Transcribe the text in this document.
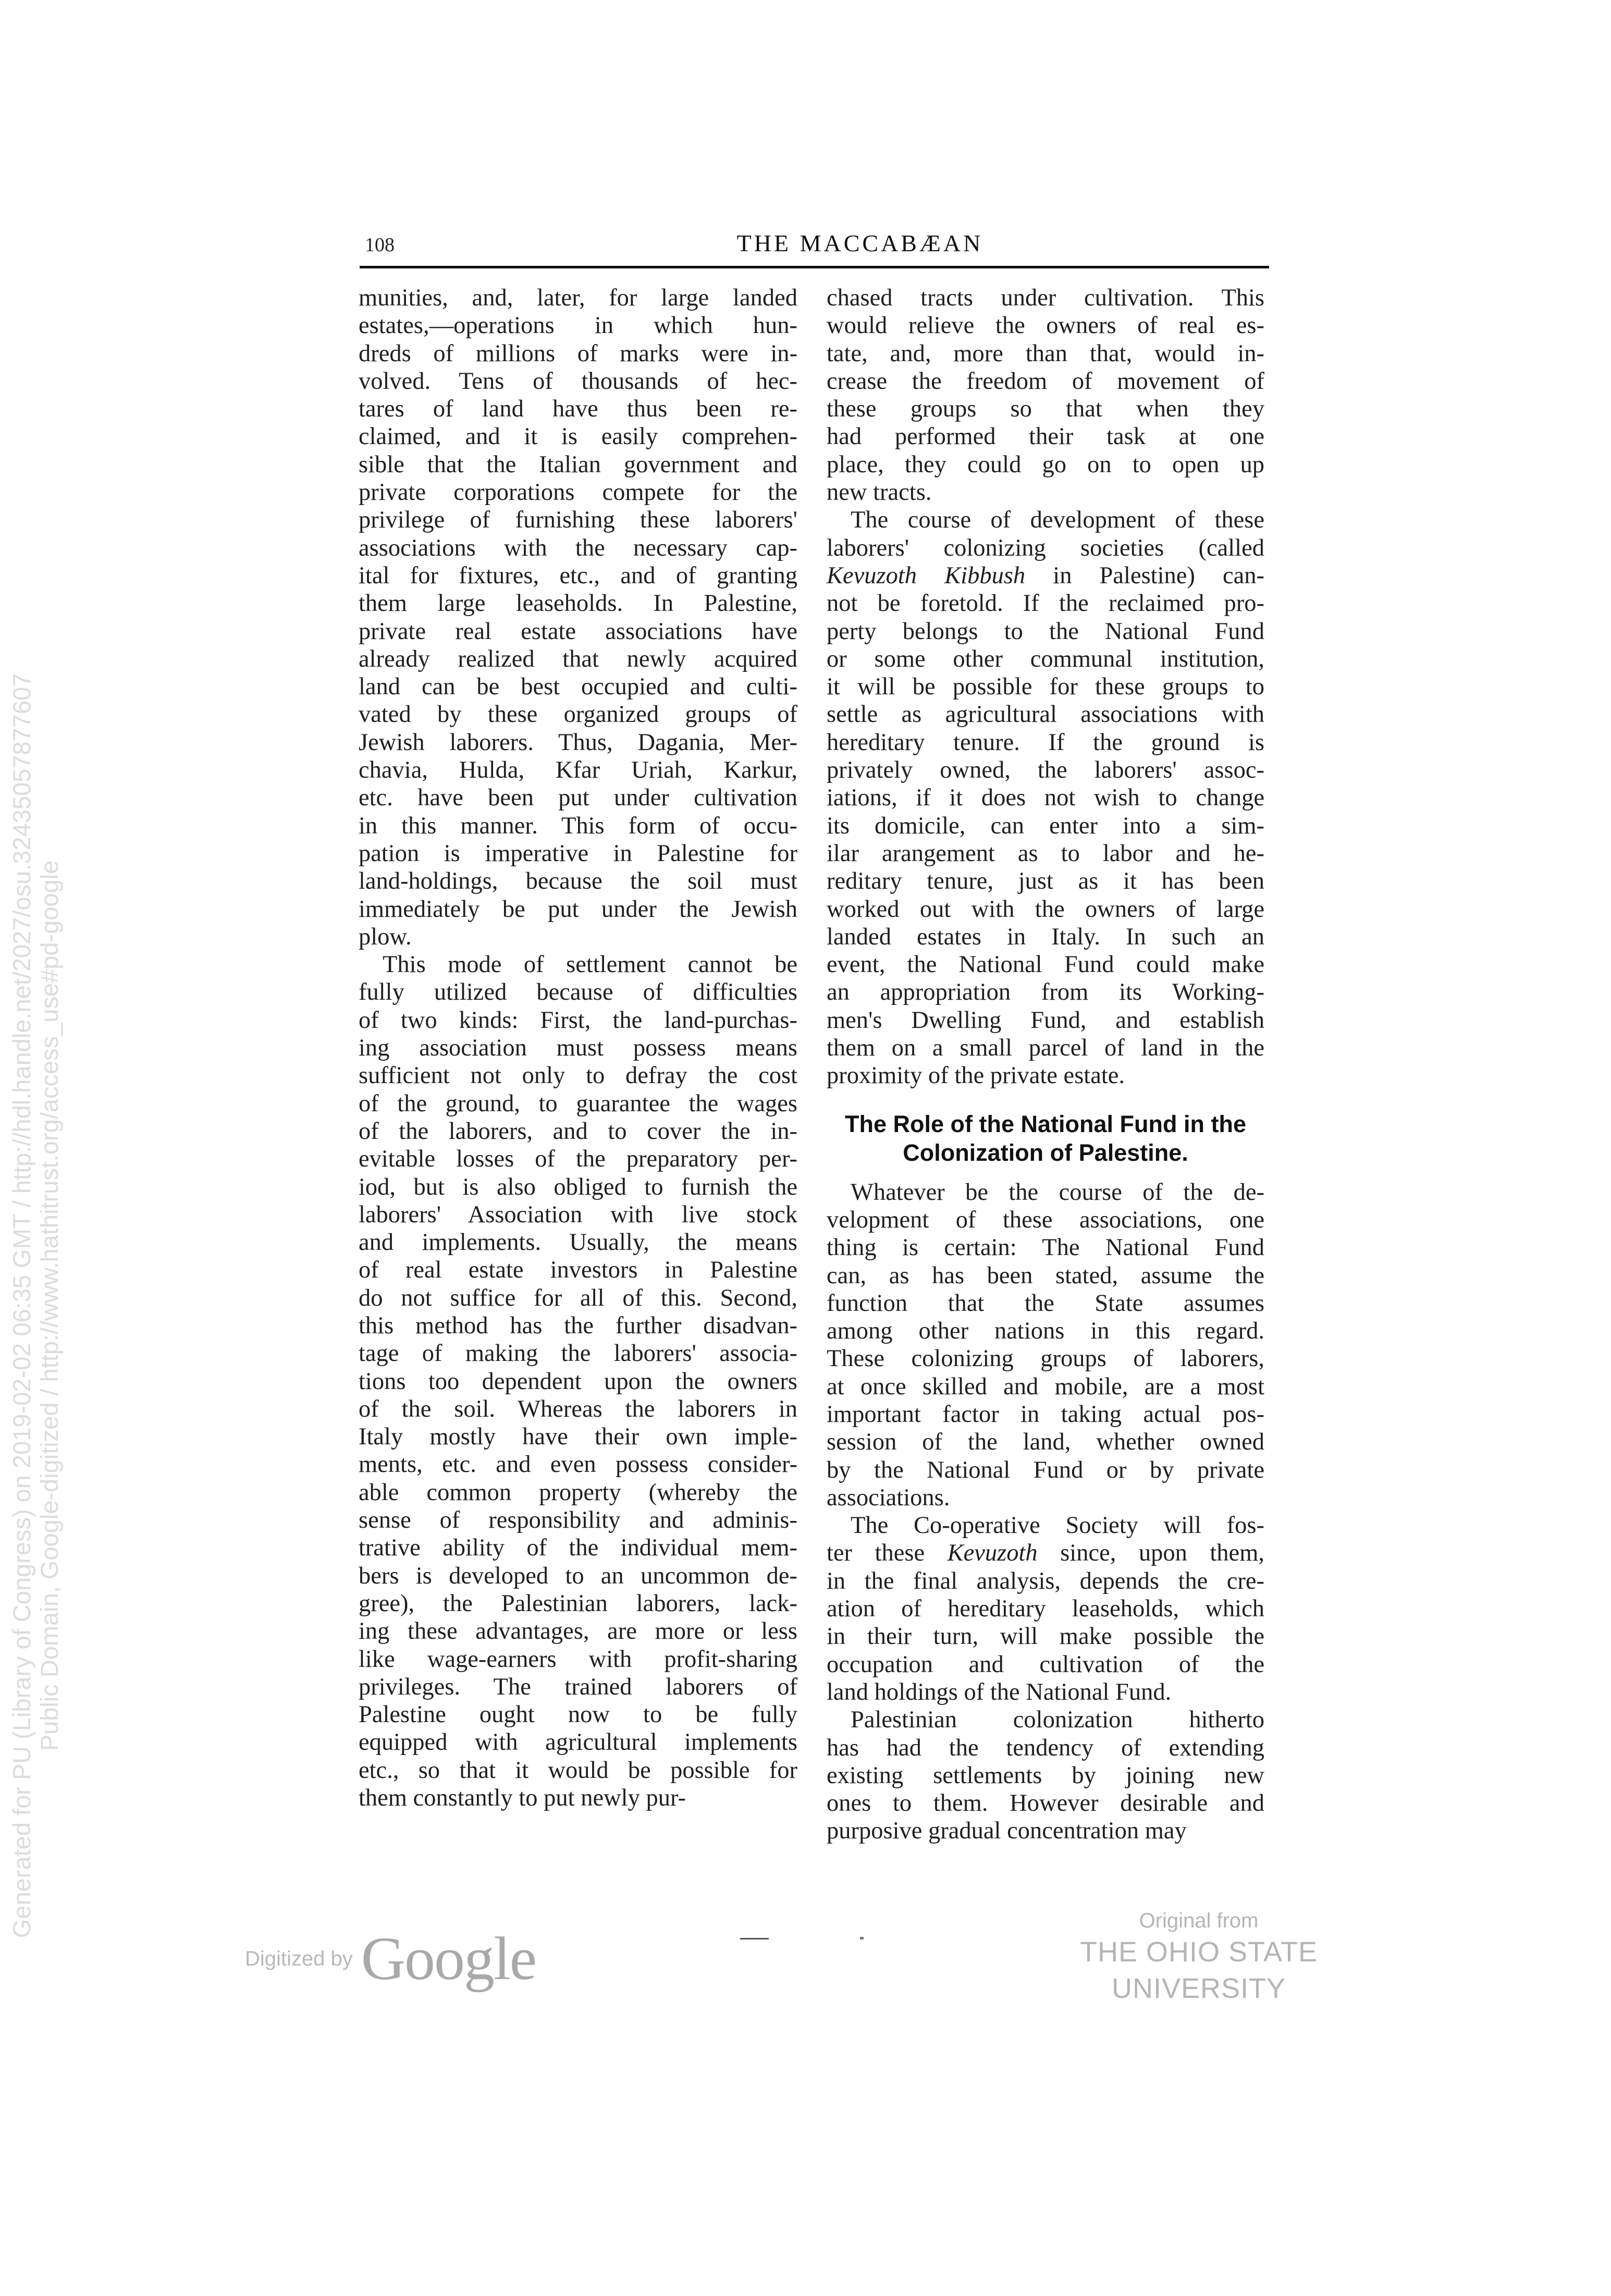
Generated for PU (Library of Congress) on 2019-02-02 06:35 GMT / http://hdl.handle.net/2027/osu.32435057877607 Public Domain, Google-digitized / http://www.hathitrust.org/access_use#pd-google
108	THE MACCABÆAN

munities, and, later, for large landed
estates,—operations in which hun-
dreds of millions of marks were in-
volved. Tens of thousands of hec-
tares of land have thus been re-
claimed, and it is easily comprehen-
sible that the Italian government and
private corporations compete for the
privilege of furnishing these laborers'
associations with the necessary cap-
ital for fixtures, etc., and of granting
them large leaseholds. In Palestine,
private real estate associations have
already realized that newly acquired
land can be best occupied and culti-
vated by these organized groups of
Jewish laborers. Thus, Dagania, Mer-
chavia, Hulda, Kfar Uriah, Karkur,
etc. have been put under cultivation
in this manner. This form of occu-
pation is imperative in Palestine for
land-holdings, because the soil must
immediately be put under the Jewish
plow.

This mode of settlement cannot be
fully utilized because of difficulties
of two kinds: First, the land-purchas-
ing association must possess means
sufficient not only to defray the cost
of the ground, to guarantee the wages
of the laborers, and to cover the in-
evitable losses of the preparatory per-
iod, but is also obliged to furnish the
laborers' Association with live stock
and implements. Usually, the means
of real estate investors in Palestine
do not suffice for all of this. Second,
this method has the further disadvan-
tage of making the laborers' associa-
tions too dependent upon the owners
of the soil. Whereas the laborers in
Italy mostly have their own imple-
ments, etc. and even possess consider-
able common property (whereby the
sense of responsibility and adminis-
trative ability of the individual mem-
bers is developed to an uncommon de-
gree), the Palestinian laborers, lack-
ing these advantages, are more or less
like wage-earners with profit-sharing
privileges. The trained laborers of
Palestine ought now to be fully
equipped with agricultural implements
etc., so that it would be possible for
them constantly to put newly pur-

chased tracts under cultivation. This
would relieve the owners of real es-
tate, and, more than that, would in-
crease the freedom of movement of
these groups so that when they
had performed their task at one
place, they could go on to open up
new tracts.

The course of development of these
laborers' colonizing societies (called
Kevuzoth Kibbush in Palestine) can-
not be foretold. If the reclaimed pro-
perty belongs to the National Fund
or some other communal institution,
it will be possible for these groups to
settle as agricultural associations with
hereditary tenure. If the ground is
privately owned, the laborers' assoc-
iations, if it does not wish to change
its domicile, can enter into a sim-
ilar arangement as to labor and he-
reditary tenure, just as it has been
worked out with the owners of large
landed estates in Italy. In such an
event, the National Fund could make
an appropriation from its Working-
men's Dwelling Fund, and establish
them on a small parcel of land in the
proximity of the private estate.

The Role of the National Fund in the
Colonization of Palestine.

Whatever be the course of the de-
velopment of these associations, one
thing is certain: The National Fund
can, as has been stated, assume the
function that the State assumes
among other nations in this regard.
These colonizing groups of laborers,
at once skilled and mobile, are a most
important factor in taking actual pos-
session of the land, whether owned
by the National Fund or by private
associations.

The Co-operative Society will fos-
ter these Kevuzoth since, upon them,
in the final analysis, depends the cre-
ation of hereditary leaseholds, which
in their turn, will make possible the
occupation and cultivation of the
land holdings of the National Fund.

Palestinian colonization hitherto
has had the tendency of extending
existing settlements by joining new
ones to them. However desirable and
purposive gradual concentration may

Digitized by Google
Original from
THE OHIO STATE UNIVERSITY
